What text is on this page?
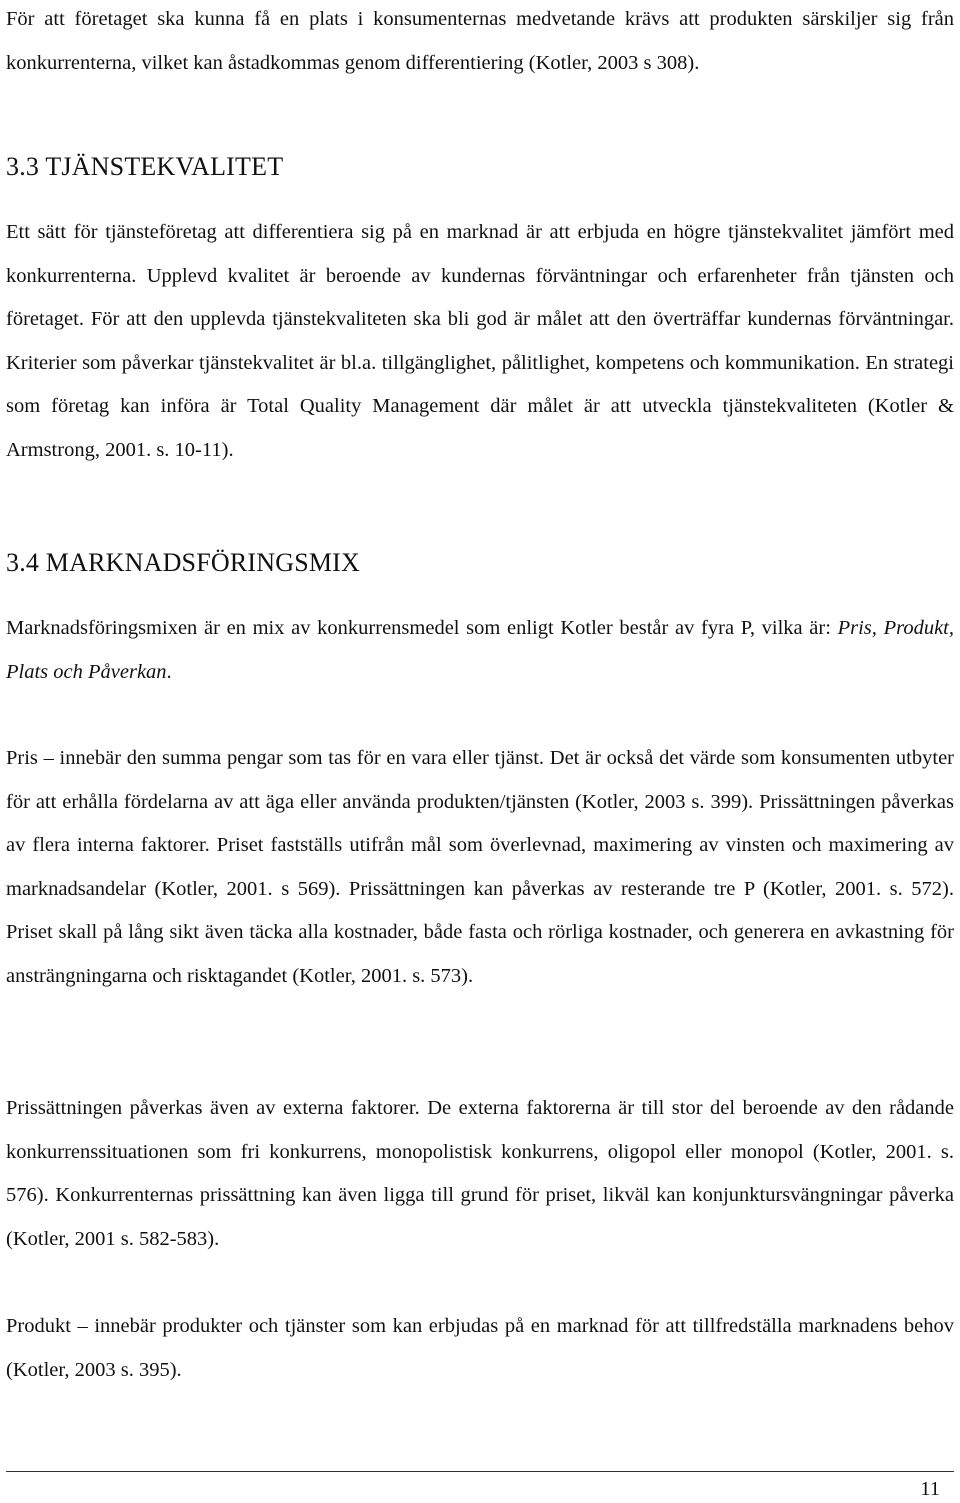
För att företaget ska kunna få en plats i konsumenternas medvetande krävs att produkten särskiljer sig från konkurrenterna, vilket kan åstadkommas genom differentiering (Kotler, 2003 s 308).

3.3 TJÄNSTEKVALITET

Ett sätt för tjänsteföretag att differentiera sig på en marknad är att erbjuda en högre tjänstekvalitet jämfört med konkurrenterna. Upplevd kvalitet är beroende av kundernas förväntningar och erfarenheter från tjänsten och företaget. För att den upplevda tjänstekvaliteten ska bli god är målet att den överträffar kundernas förväntningar. Kriterier som påverkar tjänstekvalitet är bl.a. tillgänglighet, pålitlighet, kompetens och kommunikation. En strategi som företag kan införa är Total Quality Management där målet är att utveckla tjänstekvaliteten (Kotler & Armstrong, 2001. s. 10-11).

3.4 MARKNADSFÖRINGSMIX

Marknadsföringsmixen är en mix av konkurrensmedel som enligt Kotler består av fyra P, vilka är: Pris, Produkt, Plats och Påverkan.

Pris – innebär den summa pengar som tas för en vara eller tjänst. Det är också det värde som konsumenten utbyter för att erhålla fördelarna av att äga eller använda produkten/tjänsten (Kotler, 2003 s. 399). Prissättningen påverkas av flera interna faktorer. Priset fastställs utifrån mål som överlevnad, maximering av vinsten och maximering av marknadsandelar (Kotler, 2001. s 569). Prissättningen kan påverkas av resterande tre P (Kotler, 2001. s. 572). Priset skall på lång sikt även täcka alla kostnader, både fasta och rörliga kostnader, och generera en avkastning för ansträngningarna och risktagandet (Kotler, 2001. s. 573).

Prissättningen påverkas även av externa faktorer. De externa faktorerna är till stor del beroende av den rådande konkurrenssituationen som fri konkurrens, monopolistisk konkurrens, oligopol eller monopol (Kotler, 2001. s. 576). Konkurrenternas prissättning kan även ligga till grund för priset, likväl kan konjunktursvängningar påverka (Kotler, 2001 s. 582-583).

Produkt – innebär produkter och tjänster som kan erbjudas på en marknad för att tillfredställa marknadens behov (Kotler, 2003 s. 395).

11
